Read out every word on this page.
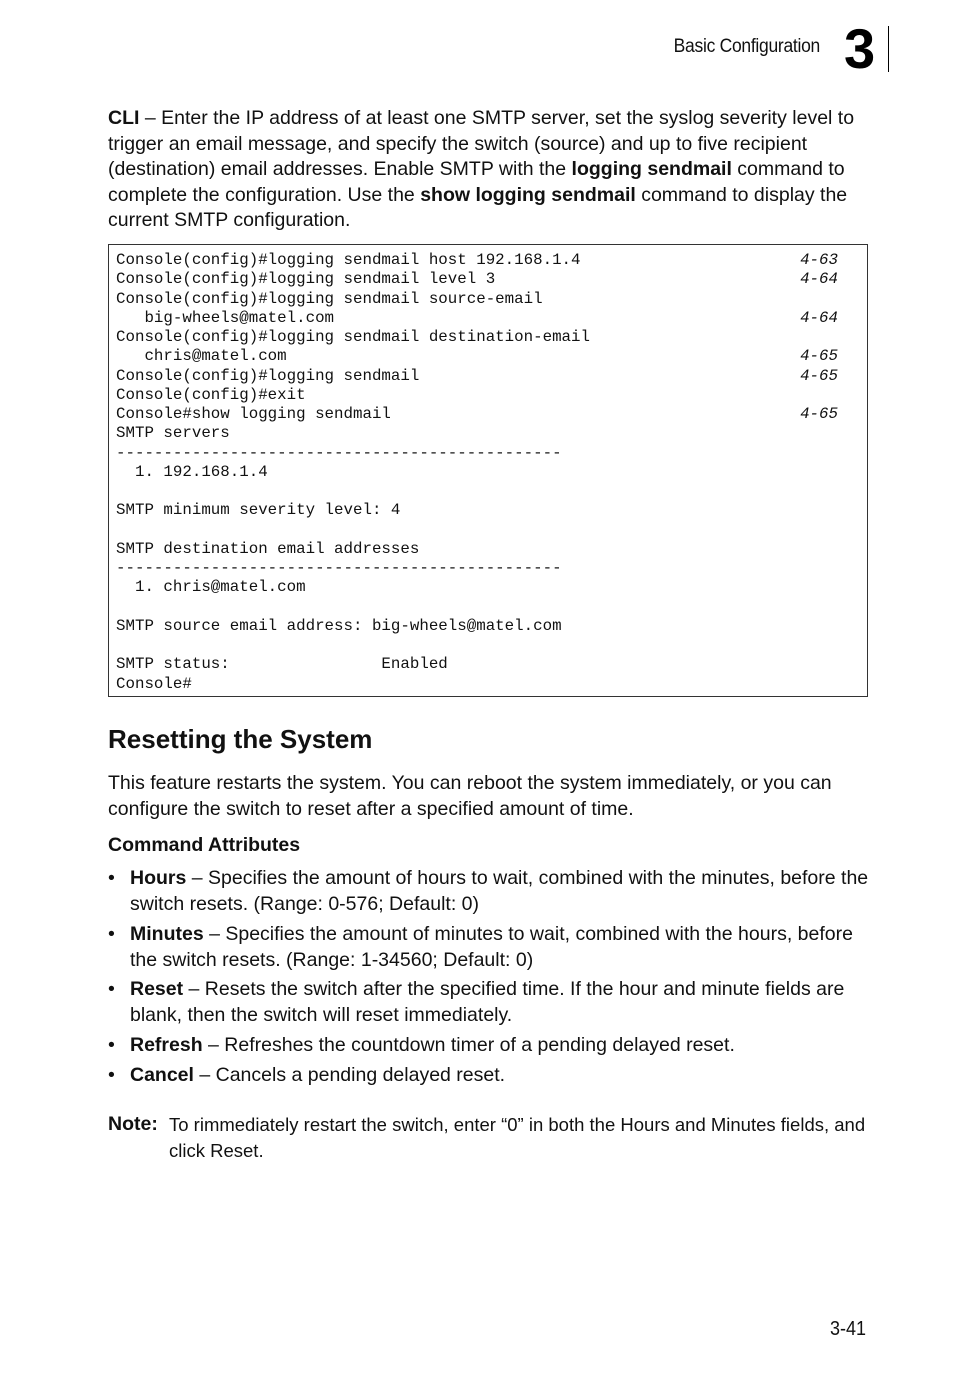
Basic Configuration 3
CLI – Enter the IP address of at least one SMTP server, set the syslog severity level to trigger an email message, and specify the switch (source) and up to five recipient (destination) email addresses. Enable SMTP with the logging sendmail command to complete the configuration. Use the show logging sendmail command to display the current SMTP configuration.
Console(config)#logging sendmail host 192.168.1.4
Console(config)#logging sendmail level 3
Console(config)#logging sendmail source-email
big-wheels@matel.com
Console(config)#logging sendmail destination-email
chris@matel.com
Console(config)#logging sendmail
Console(config)#exit
Console#show logging sendmail
SMTP servers
-----------------------------------------------
1. 192.168.1.4
SMTP minimum severity level: 4
SMTP destination email addresses
-----------------------------------------------
1. chris@matel.com
SMTP source email address: big-wheels@matel.com
SMTP status:                Enabled
Console#
4-63
4-64
4-64
4-65
4-65
4-65
Resetting the System
This feature restarts the system. You can reboot the system immediately, or you can configure the switch to reset after a specified amount of time.
Command Attributes
• Hours – Specifies the amount of hours to wait, combined with the minutes, before the switch resets. (Range: 0-576; Default: 0)
• Minutes – Specifies the amount of minutes to wait, combined with the hours, before the switch resets. (Range: 1-34560; Default: 0)
• Reset – Resets the switch after the specified time. If the hour and minute fields are blank, then the switch will reset immediately.
• Refresh – Refreshes the countdown timer of a pending delayed reset.
• Cancel – Cancels a pending delayed reset.
Note: To rimmediately restart the switch, enter “0” in both the Hours and Minutes fields, and click Reset.
3-41
